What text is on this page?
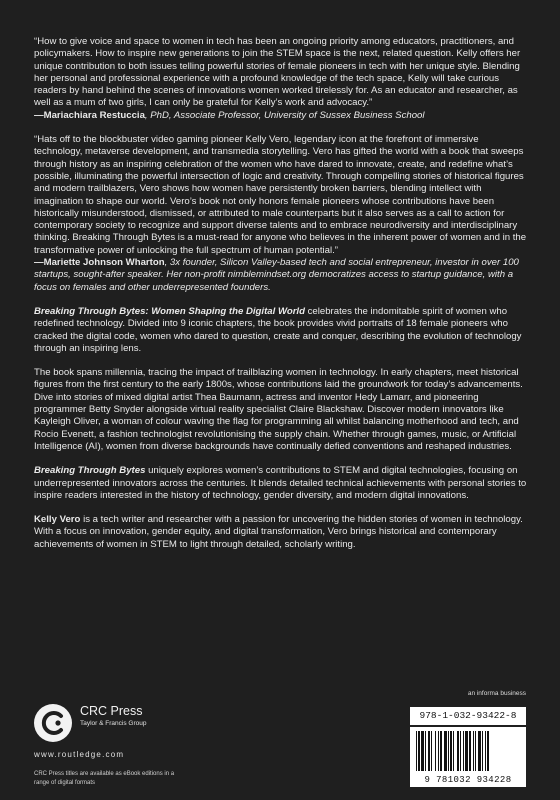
“How to give voice and space to women in tech has been an ongoing priority among educators, practitioners, and policymakers. How to inspire new generations to join the STEM space is the next, related question. Kelly offers her unique contribution to both issues telling powerful stories of female pioneers in tech with her unique style. Blending her personal and professional experience with a profound knowledge of the tech space, Kelly will take curious readers by hand behind the scenes of innovations women worked tirelessly for. As an educator and researcher, as well as a mum of two girls, I can only be grateful for Kelly’s work and advocacy.”
—Mariachiara Restuccia, PhD, Associate Professor, University of Sussex Business School

“Hats off to the blockbuster video gaming pioneer Kelly Vero, legendary icon at the forefront of immersive technology, metaverse development, and transmedia storytelling. Vero has gifted the world with a book that sweeps through history as an inspiring celebration of the women who have dared to innovate, create, and redefine what’s possible, illuminating the powerful intersection of logic and creativity. Through compelling stories of historical figures and modern trailblazers, Vero shows how women have persistently broken barriers, blending intellect with imagination to shape our world. Vero’s book not only honors female pioneers whose contributions have been historically misunderstood, dismissed, or attributed to male counterparts but it also serves as a call to action for contemporary society to recognize and support diverse talents and to embrace neurodiversity and interdisciplinary thinking. Breaking Through Bytes is a must-read for anyone who believes in the inherent power of women and in the transformative power of unlocking the full spectrum of human potential.”
—Mariette Johnson Wharton, 3x founder, Silicon Valley-based tech and social entrepreneur, investor in over 100 startups, sought-after speaker. Her non-profit nimblemindset.org democratizes access to startup guidance, with a focus on females and other underrepresented founders.

Breaking Through Bytes: Women Shaping the Digital World celebrates the indomitable spirit of women who redefined technology. Divided into 9 iconic chapters, the book provides vivid portraits of 18 female pioneers who cracked the digital code, women who dared to question, create and conquer, describing the evolution of technology through an inspiring lens.

The book spans millennia, tracing the impact of trailblazing women in technology. In early chapters, meet historical figures from the first century to the early 1800s, whose contributions laid the groundwork for today’s advancements. Dive into stories of mixed digital artist Thea Baumann, actress and inventor Hedy Lamarr, and pioneering programmer Betty Snyder alongside virtual reality specialist Claire Blackshaw. Discover modern innovators like Kayleigh Oliver, a woman of colour waving the flag for programming all whilst balancing motherhood and tech, and Rocio Evenett, a fashion technologist revolutionising the supply chain. Whether through games, music, or Artificial Intelligence (AI), women from diverse backgrounds have continually defied conventions and reshaped industries.

Breaking Through Bytes uniquely explores women’s contributions to STEM and digital technologies, focusing on underrepresented innovators across the centuries. It blends detailed technical achievements with personal stories to inspire readers interested in the history of technology, gender diversity, and modern digital innovations.

Kelly Vero is a tech writer and researcher with a passion for uncovering the hidden stories of women in technology. With a focus on innovation, gender equity, and digital transformation, Vero brings historical and contemporary achievements of women in STEM to light through detailed, scholarly writing.

an informa business
CRC Press
Taylor & Francis Group
www.routledge.com
CRC Press titles are available as eBook editions in a range of digital formats
978-1-032-93422-8
9 781032 934228
